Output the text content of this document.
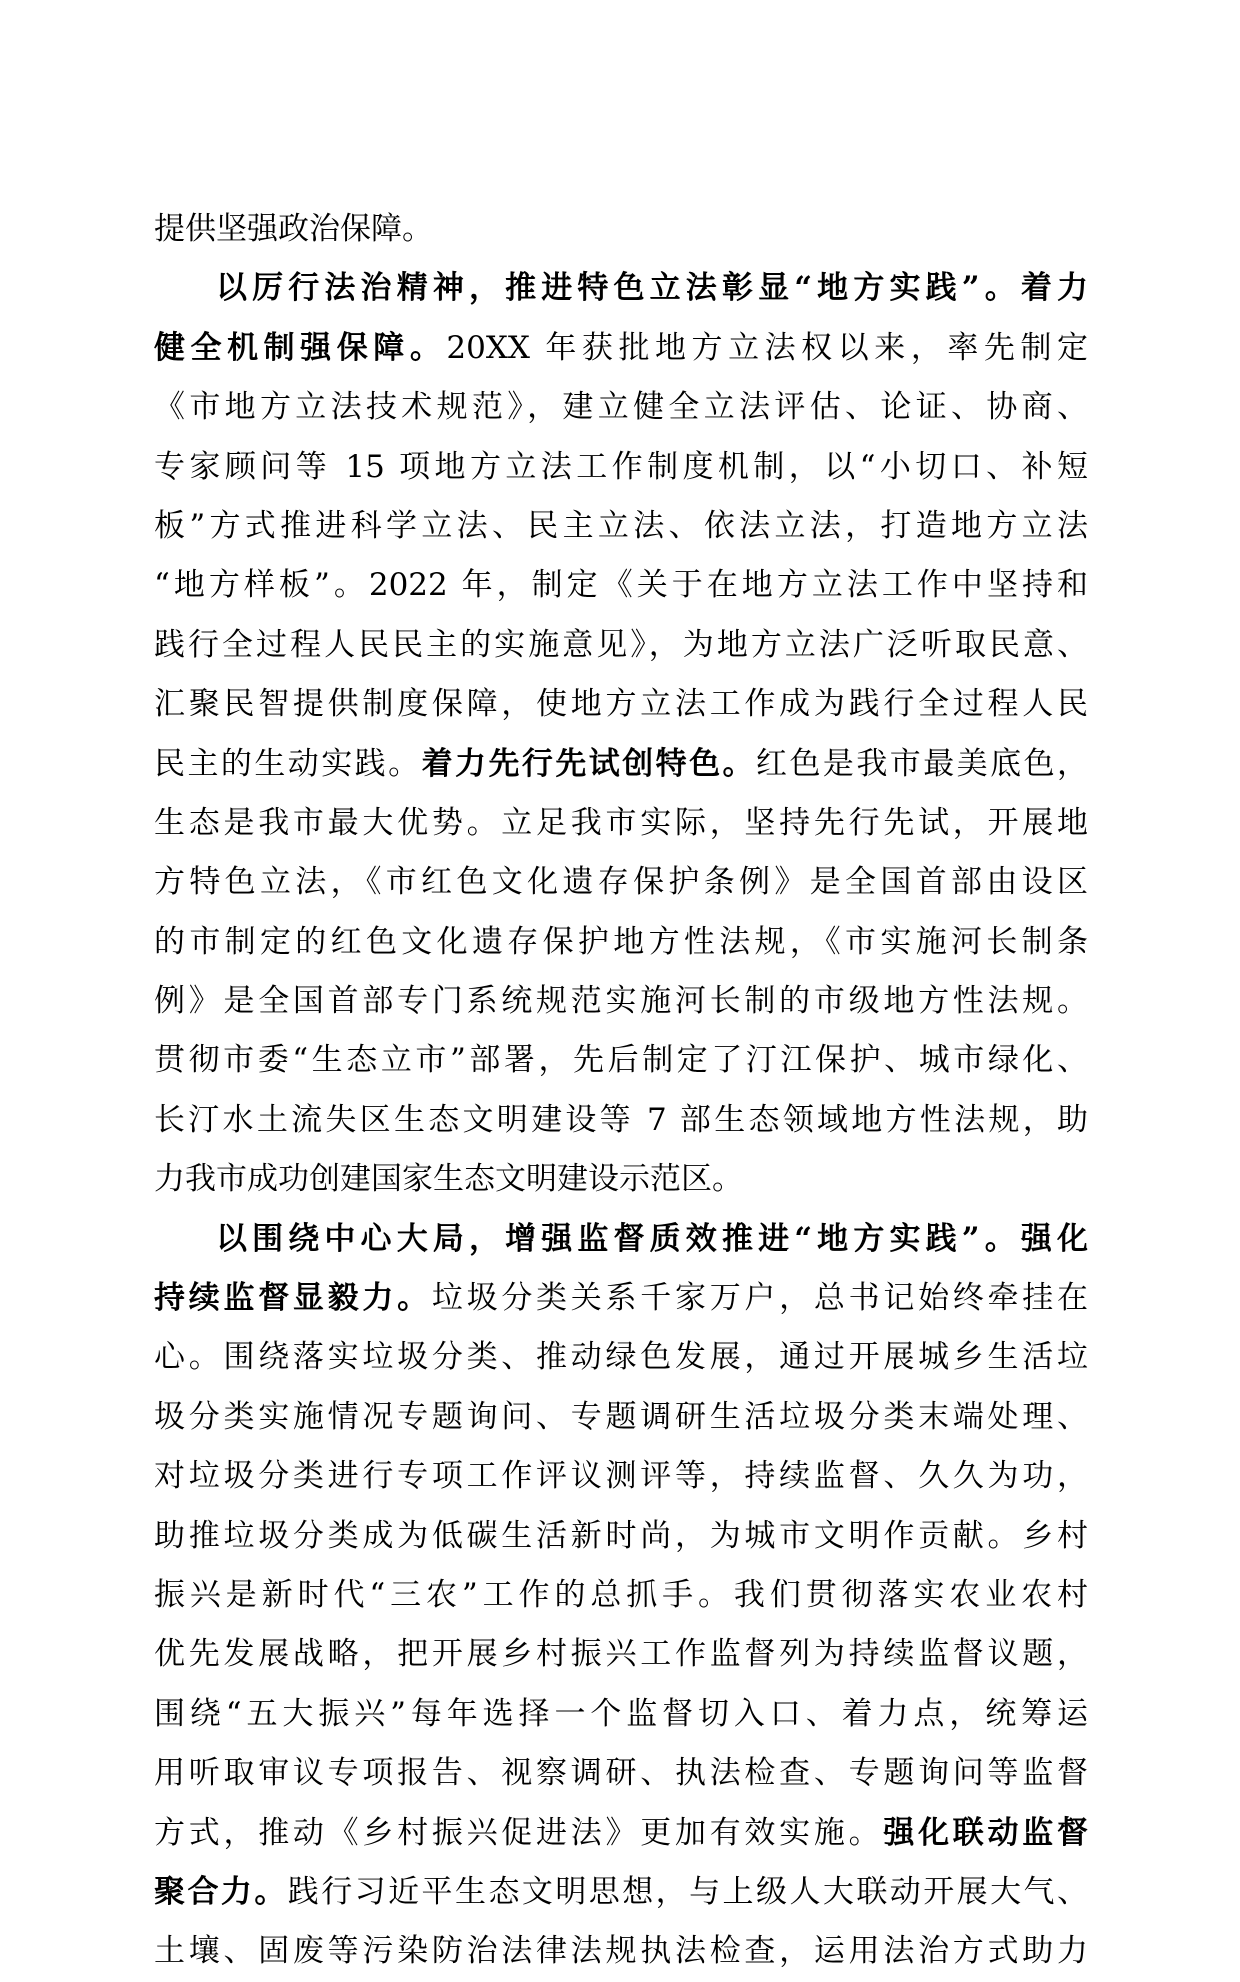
提供坚强政治保障。
以厉行法治精神，推进特色立法彰显“地方实践”。着力
健全机制强保障。20XX 年获批地方立法权以来，率先制定
《市地方立法技术规范》，建立健全立法评估、论证、协商、
专家顾问等 15 项地方立法工作制度机制，以“小切口、补短
板”方式推进科学立法、民主立法、依法立法，打造地方立法
“地方样板”。2022 年，制定《关于在地方立法工作中坚持和
践行全过程人民民主的实施意见》，为地方立法广泛听取民意、
汇聚民智提供制度保障，使地方立法工作成为践行全过程人民
民主的生动实践。着力先行先试创特色。红色是我市最美底色，
生态是我市最大优势。立足我市实际，坚持先行先试，开展地
方特色立法，《市红色文化遗存保护条例》是全国首部由设区
的市制定的红色文化遗存保护地方性法规，《市实施河长制条
例》是全国首部专门系统规范实施河长制的市级地方性法规。
贯彻市委“生态立市”部署，先后制定了汀江保护、城市绿化、
长汀水土流失区生态文明建设等 7 部生态领域地方性法规，助
力我市成功创建国家生态文明建设示范区。
以围绕中心大局，增强监督质效推进“地方实践”。强化
持续监督显毅力。垃圾分类关系千家万户，总书记始终牵挂在
心。围绕落实垃圾分类、推动绿色发展，通过开展城乡生活垃
圾分类实施情况专题询问、专题调研生活垃圾分类末端处理、
对垃圾分类进行专项工作评议测评等，持续监督、久久为功，
助推垃圾分类成为低碳生活新时尚，为城市文明作贡献。乡村
振兴是新时代“三农”工作的总抓手。我们贯彻落实农业农村
优先发展战略，把开展乡村振兴工作监督列为持续监督议题，
围绕“五大振兴”每年选择一个监督切入口、着力点，统筹运
用听取审议专项报告、视察调研、执法检查、专题询问等监督
方式，推动《乡村振兴促进法》更加有效实施。强化联动监督
聚合力。践行习近平生态文明思想，与上级人大联动开展大气、
土壤、固废等污染防治法律法规执法检查，运用法治方式助力
